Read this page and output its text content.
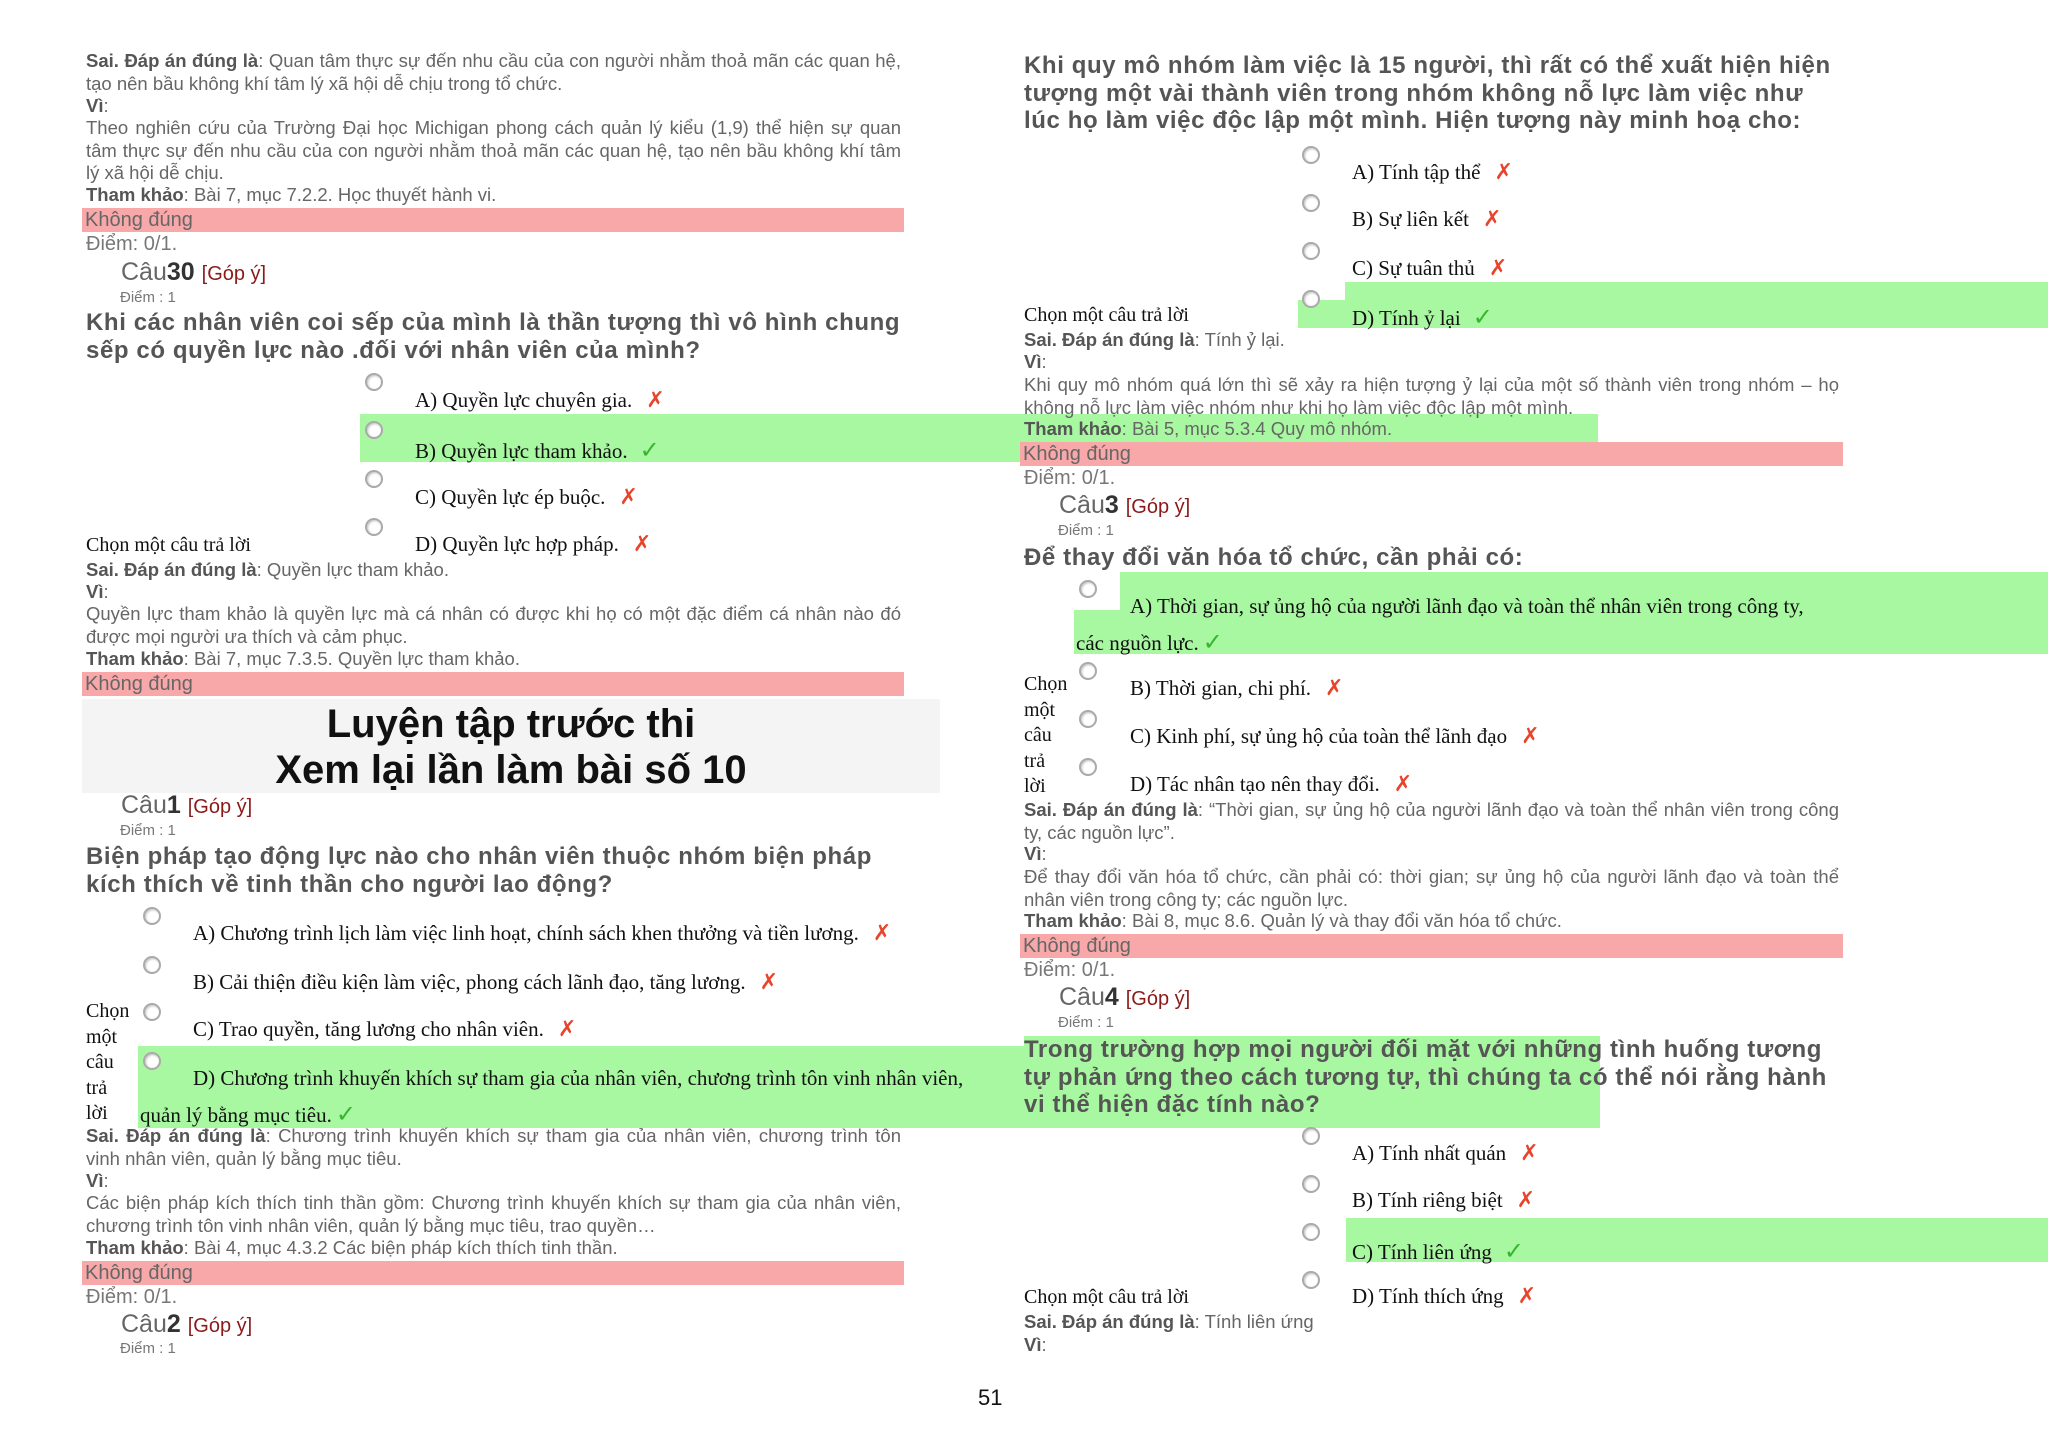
Sai. Đáp án đúng là: Quan tâm thực sự đến nhu cầu của con người nhằm thoả mãn các quan hệ, tạo nên bầu không khí tâm lý xã hội dễ chịu trong tổ chức.
Vì:
Theo nghiên cứu của Trường Đại học Michigan phong cách quản lý kiểu (1,9) thể hiện sự quan tâm thực sự đến nhu cầu của con người nhằm thoả mãn các quan hệ, tạo nên bầu không khí tâm lý xã hội dễ chịu.
Tham khảo: Bài 7, mục 7.2.2. Học thuyết hành vi.
Không đúng
Điểm: 0/1.
Câu30 [Góp ý]
Điểm : 1
Khi các nhân viên coi sếp của mình là thần tượng thì vô hình chung sếp có quyền lực nào .đối với nhân viên của mình?
A) Quyền lực chuyên gia. ✗
B) Quyền lực tham khảo. ✓
C) Quyền lực ép buộc. ✗
D) Quyền lực hợp pháp. ✗
Chọn một câu trả lời
Sai. Đáp án đúng là: Quyền lực tham khảo.
Vì:
Quyền lực tham khảo là quyền lực mà cá nhân có được khi họ có một đặc điểm cá nhân nào đó được mọi người ưa thích và cảm phục.
Tham khảo: Bài 7, mục 7.3.5. Quyền lực tham khảo.
Không đúng
Luyện tập trước thi
Xem lại lần làm bài số 10
Câu1 [Góp ý]
Điểm : 1
Biện pháp tạo động lực nào cho nhân viên thuộc nhóm biện pháp kích thích về tinh thần cho người lao động?
A) Chương trình lịch làm việc linh hoạt, chính sách khen thưởng và tiền lương. ✗
B) Cải thiện điều kiện làm việc, phong cách lãnh đạo, tăng lương. ✗
C) Trao quyền, tăng lương cho nhân viên. ✗
D) Chương trình khuyến khích sự tham gia của nhân viên, chương trình tôn vinh nhân viên,
quản lý bằng mục tiêu. ✓
Chọn
một
câu
trả
lời
Sai. Đáp án đúng là: Chương trình khuyến khích sự tham gia của nhân viên, chương trình tôn vinh nhân viên, quản lý bằng mục tiêu.
Vì:
Các biện pháp kích thích tinh thần gồm: Chương trình khuyến khích sự tham gia của nhân viên, chương trình tôn vinh nhân viên, quản lý bằng mục tiêu, trao quyền…
Tham khảo: Bài 4, mục 4.3.2 Các biện pháp kích thích tinh thần.
Không đúng
Điểm: 0/1.
Câu2 [Góp ý]
Điểm : 1
Khi quy mô nhóm làm việc là 15 người, thì rất có thể xuất hiện hiện tượng một vài thành viên trong nhóm không nỗ lực làm việc như lúc họ làm việc độc lập một mình. Hiện tượng này minh hoạ cho:
A) Tính tập thể ✗
B) Sự liên kết ✗
C) Sự tuân thủ ✗
D) Tính ỷ lại ✓
Chọn một câu trả lời
Sai. Đáp án đúng là: Tính ỷ lại.
Vì:
Khi quy mô nhóm quá lớn thì sẽ xảy ra hiện tượng ỷ lại của một số thành viên trong nhóm – họ không nỗ lực làm việc nhóm như khi họ làm việc độc lập một mình.
Tham khảo: Bài 5, mục 5.3.4 Quy mô nhóm.
Không đúng
Điểm: 0/1.
Câu3 [Góp ý]
Điểm : 1
Để thay đổi văn hóa tổ chức, cần phải có:
A) Thời gian, sự ủng hộ của người lãnh đạo và toàn thể nhân viên trong công ty,
các nguồn lực. ✓
B) Thời gian, chi phí. ✗
C) Kinh phí, sự ủng hộ của toàn thể lãnh đạo ✗
D) Tác nhân tạo nên thay đổi. ✗
Chọn
một
câu
trả
lời
Sai. Đáp án đúng là: “Thời gian, sự ủng hộ của người lãnh đạo và toàn thể nhân viên trong công ty, các nguồn lực”.
Vì:
Để thay đổi văn hóa tổ chức, cần phải có: thời gian; sự ủng hộ của người lãnh đạo và toàn thể nhân viên trong công ty; các nguồn lực.
Tham khảo: Bài 8, mục 8.6. Quản lý và thay đổi văn hóa tổ chức.
Không đúng
Điểm: 0/1.
Câu4 [Góp ý]
Điểm : 1
Trong trường hợp mọi người đối mặt với những tình huống tương tự phản ứng theo cách tương tự, thì chúng ta có thể nói rằng hành vi thể hiện đặc tính nào?
A) Tính nhất quán ✗
B) Tính riêng biệt ✗
C) Tính liên ứng ✓
D) Tính thích ứng ✗
Chọn một câu trả lời
Sai. Đáp án đúng là: Tính liên ứng
Vì:
51
